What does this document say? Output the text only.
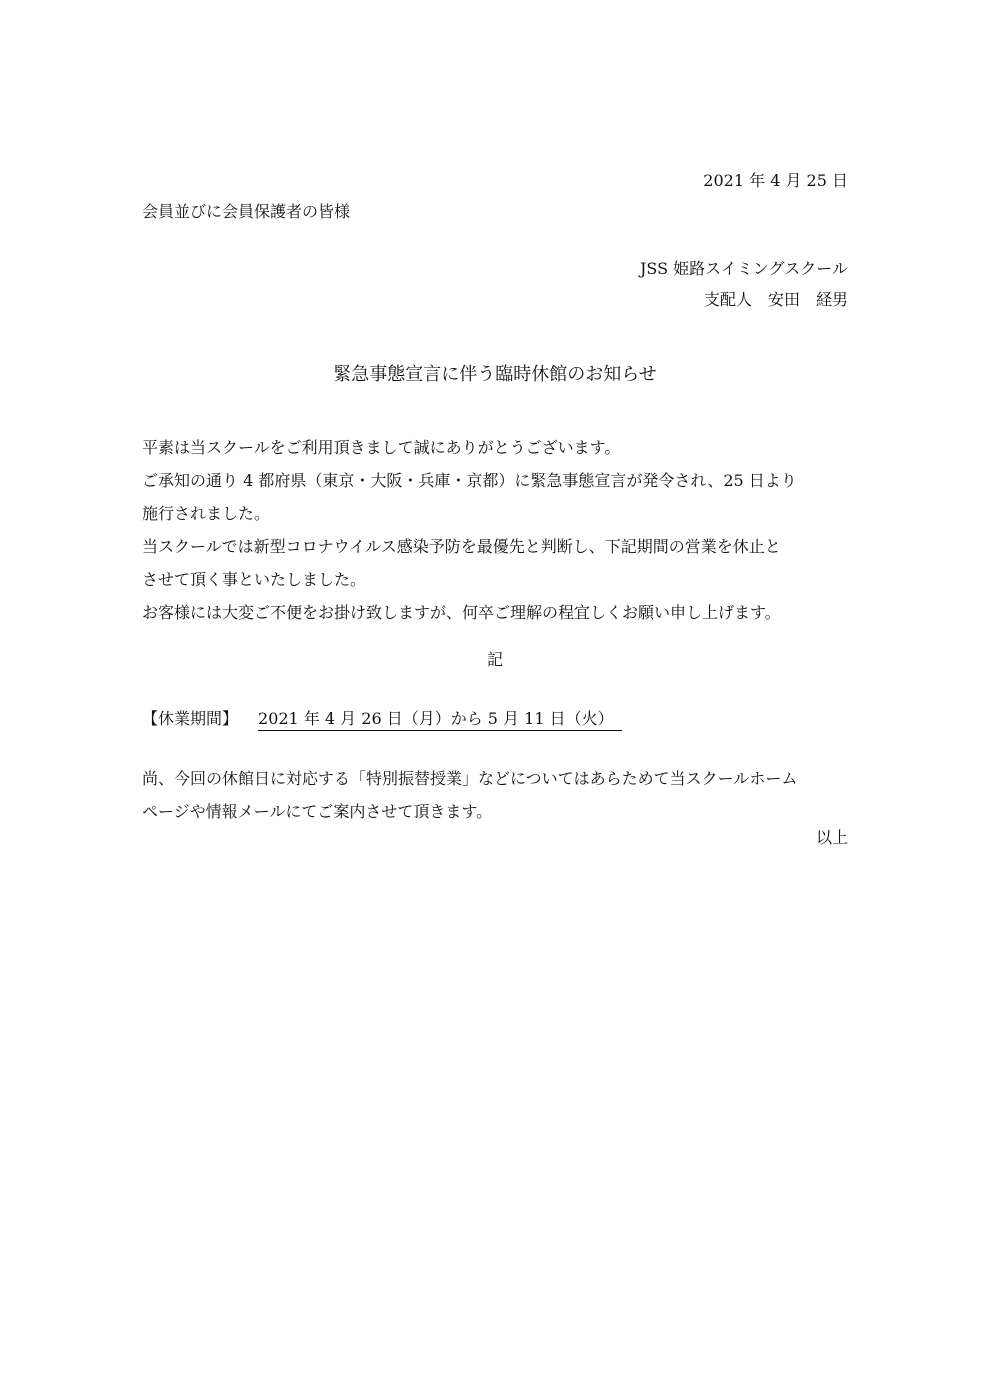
2021 年 4 月 25 日

会員並びに会員保護者の皆様

JSS 姫路スイミングスクール

支配人　安田　経男

緊急事態宣言に伴う臨時休館のお知らせ

平素は当スクールをご利用頂きまして誠にありがとうございます。

ご承知の通り 4 都府県（東京・大阪・兵庫・京都）に緊急事態宣言が発令され、25 日より

施行されました。

当スクールでは新型コロナウイルス感染予防を最優先と判断し、下記期間の営業を休止と

させて頂く事といたしました。

お客様には大変ご不便をお掛け致しますが、何卒ご理解の程宜しくお願い申し上げます。

記
【休業期間】 2021 年 4 月 26 日（月）から 5 月 11 日（火）

尚、今回の休館日に対応する「特別振替授業」などについてはあらためて当スクールホーム

ページや情報メールにてご案内させて頂きます。

以上
